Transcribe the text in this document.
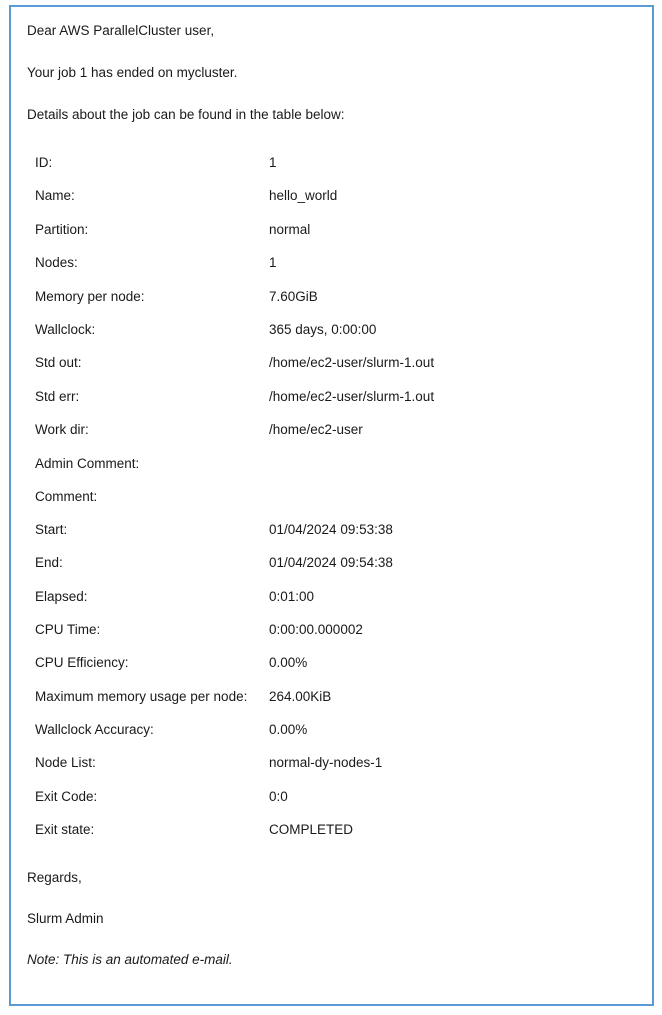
Dear AWS ParallelCluster user,
Your job 1 has ended on mycluster.
Details about the job can be found in the table below:
ID:	1
Name:	hello_world
Partition:	normal
Nodes:	1
Memory per node:	7.60GiB
Wallclock:	365 days, 0:00:00
Std out:	/home/ec2-user/slurm-1.out
Std err:	/home/ec2-user/slurm-1.out
Work dir:	/home/ec2-user
Admin Comment:
Comment:
Start:	01/04/2024 09:53:38
End:	01/04/2024 09:54:38
Elapsed:	0:01:00
CPU Time:	0:00:00.000002
CPU Efficiency:	0.00%
Maximum memory usage per node: 264.00KiB
Wallclock Accuracy:	0.00%
Node List:	normal-dy-nodes-1
Exit Code:	0:0
Exit state:	COMPLETED
Regards,
Slurm Admin
Note: This is an automated e-mail.
